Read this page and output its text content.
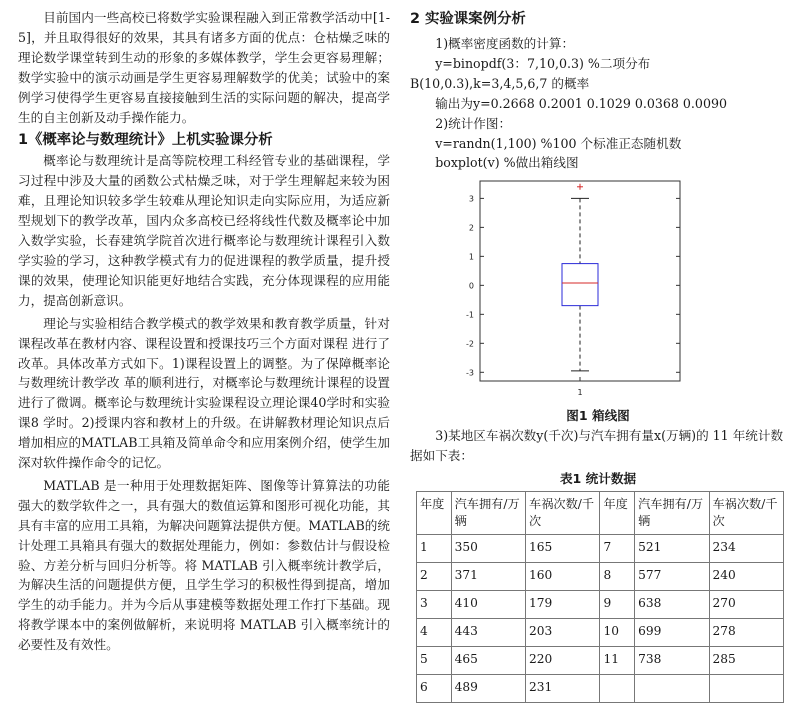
目前国内一些高校已将数学实验课程融入到正常教学活动中[1-5]，并且取得很好的效果，其具有诸多方面的优点：仓枯燥乏味的理论数学课堂转到生动的形象的多媒体教学，学生会更容易理解；数学实验中的演示动画是学生更容易理解数学的优美；试验中的案例学习使得学生更容易直接接触到生活的实际问题的解决，提高学生的自主创新及动手操作能力。

1《概率论与数理统计》上机实验课分析

概率论与数理统计是高等院校理工科经管专业的基础课程，学习过程中涉及大量的函数公式枯燥乏味，对于学生理解起来较为困难，且理论知识较多学生较难从理论知识走向实际应用，为适应新型规划下的教学改革，国内众多高校已经将线性代数及概率论中加入数学实验，长春建筑学院首次进行概率论与数理统计课程引入数学实验的学习，这种教学模式有力的促进课程的教学质量，提升授课的效果，使理论知识能更好地结合实践，充分体现课程的应用能力，提高创新意识。

理论与实验相结合教学模式的教学效果和教育教学质量，针对课程改革在教材内容、课程设置和授课技巧三个方面对课程 进行了改革。具体改革方式如下。1)课程设置上的调整。为了保障概率论与数理统计教学改 革的顺利进行，对概率论与数理统计课程的设置进行了微调。概率论与数理统计实验课程设立理论课40学时和实验课8 学时。2)授课内容和教材上的升级。在讲解教材理论知识点后增加相应的MATLAB工具箱及简单命令和应用案例介绍，使学生加深对软件操作命令的记忆。

MATLAB 是一种用于处理数据矩阵、图像等计算算法的功能强大的数学软件之一，具有强大的数值运算和图形可视化功能，其具有丰富的应用工具箱，为解决问题算法提供方便。MATLAB的统计处理工具箱具有强大的数据处理能力，例如：参数估计与假设检验、方差分析与回归分析等。将 MATLAB 引入概率统计教学后，为解决生活的问题提供方便，且学生学习的积极性得到提高，增加学生的动手能力。并为今后从事建模等数据处理工作打下基础。现将教学课本中的案例做解析，来说明将 MATLAB 引入概率统计的必要性及有效性。

2 实验课案例分析

1)概率密度函数的计算：

y=binopdf(3：7,10,0.3) %二项分布 B(10,0.3),k=3,4,5,6,7 的概率

输出为y=0.2668 0.2001 0.1029 0.0368 0.0090

2)统计作图：

v=randn(1,100) %100 个标准正态随机数

boxplot(v) %做出箱线图

3
2
1
0
-1
-2
-3
1

图1 箱线图

3)某地区车祸次数y(千次)与汽车拥有量x(万辆)的 11 年统计数据如下表：

表1 统计数据

年度	汽车拥有/万辆	车祸次数/千次	年度	汽车拥有/万辆	车祸次数/千次
1	350	165	7	521	234
2	371	160	8	577	240
3	410	179	9	638	270
4	443	203	10	699	278
5	465	220	11	738	285
6	489	231			
